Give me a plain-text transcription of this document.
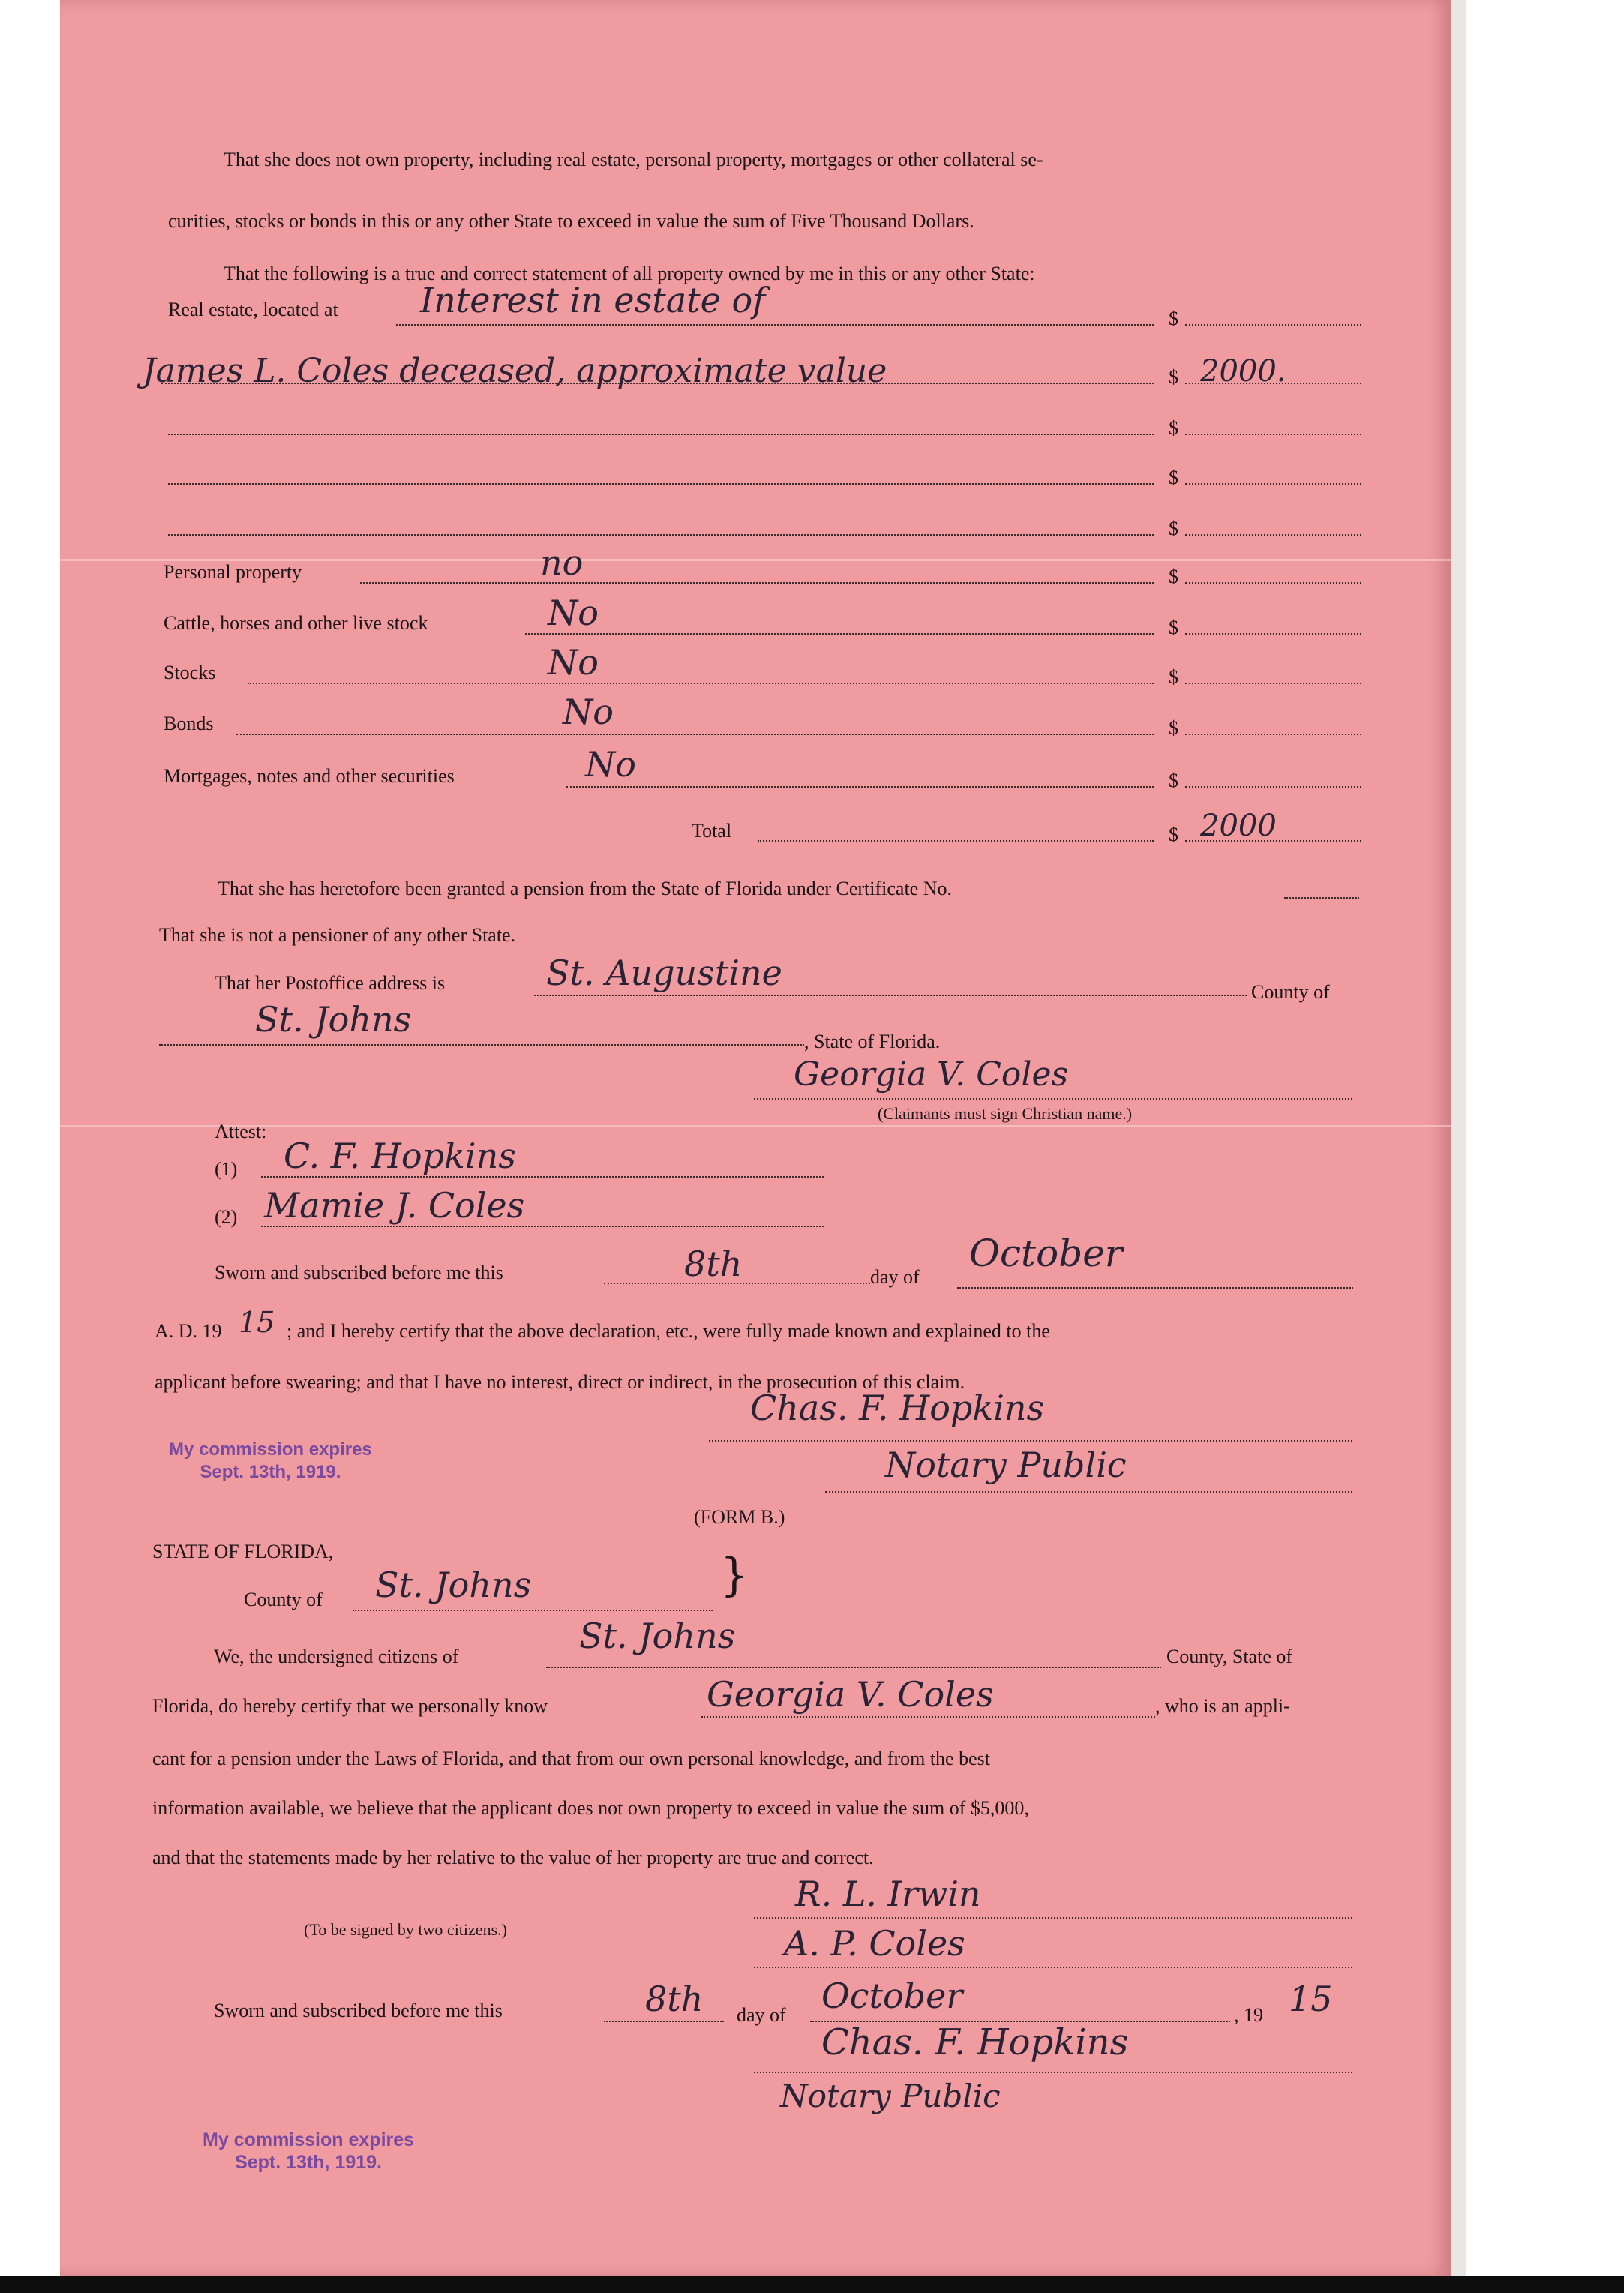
That she does not own property, including real estate, personal property, mortgages or other collateral se-
curities, stocks or bonds in this or any other State to exceed in value the sum of Five Thousand Dollars.
That the following is a true and correct statement of all property owned by me in this or any other State:
Real estate, located at Interest in estate of	$
James L. Coles deceased, approximate value	$ 2000.
$
$
$
Personal property	no	$
Cattle, horses and other live stock	No	$
Stocks	No	$
Bonds	No	$
Mortgages, notes and other securities	No	$
Total	$ 2000
That she has heretofore been granted a pension from the State of Florida under Certificate No.
That she is not a pensioner of any other State.
That her Postoffice address is	St. Augustine	County of
St. Johns
, State of Florida.
Georgia V. Coles
(Claimants must sign Christian name.)
Attest:
(1) C. F. Hopkins
(2) Mamie J. Coles
Sworn and subscribed before me this	8th	day of
October
A. D. 19 15 ; and I hereby certify that the above declaration, etc., were fully made known and explained to the
applicant before swearing; and that I have no interest, direct or indirect, in the prosecution of this claim.
Chas. F. Hopkins
Notary Public
My commission expires
Sept. 13th, 1919.
(FORM B.)
STATE OF FLORIDA,
County of St. Johns	}
We, the undersigned citizens of
St. Johns
County, State of
Florida, do hereby certify that we personally know	Georgia V. Coles	, who is an appli-
cant for a pension under the Laws of Florida, and that from our own personal knowledge, and from the best
information available, we believe that the applicant does not own property to exceed in value the sum of $5,000,
and that the statements made by her relative to the value of her property are true and correct.
R. L. Irwin
(To be signed by two citizens.)	A. P. Coles
Sworn and subscribed before me this	8th day of October	, 19 15
Chas. F. Hopkins
Notary Public
My commission expires
Sept. 13th, 1919.
